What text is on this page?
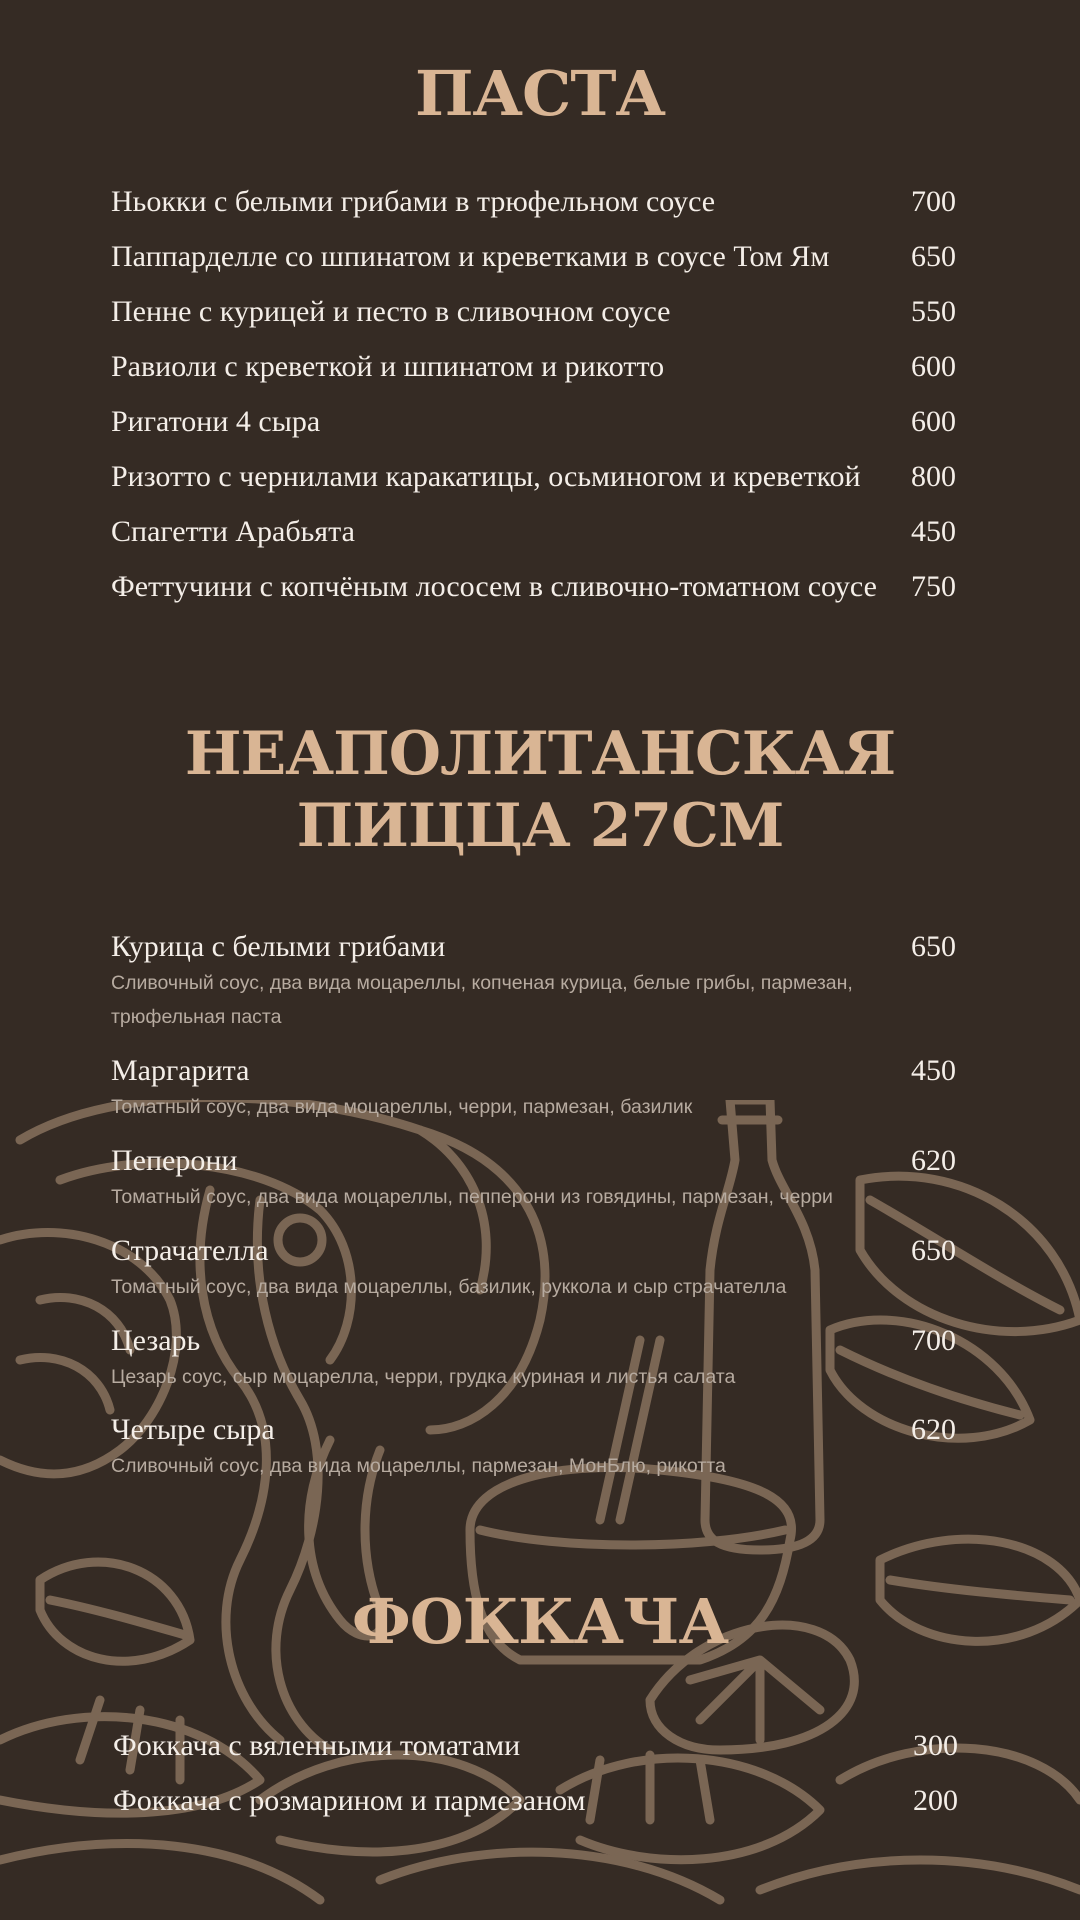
ПАСТА
Ньокки с белыми грибами в трюфельном соусе	700
Паппарделле со шпинатом и креветками в соусе Том Ям	650
Пенне с курицей и песто в сливочном соусе	550
Равиоли с креветкой и шпинатом и рикотто	600
Ригатони 4 сыра	600
Ризотто с чернилами каракатицы, осьминогом и креветкой	800
Спагетти Арабьята	450
Феттучини с копчёным лососем в сливочно-томатном соусе	750
НЕАПОЛИТАНСКАЯ
ПИЦЦА 27СМ
Курица с белыми грибами	650
Сливочный соус, два вида моцареллы, копченая курица, белые грибы, пармезан, трюфельная паста
Маргарита	450
Томатный соус, два вида моцареллы, черри, пармезан, базилик
Пеперони	620
Томатный соус, два вида моцареллы, пепперони из говядины, пармезан, черри
Страчателла	650
Томатный соус, два вида моцареллы, базилик, руккола и сыр страчателла
Цезарь	700
Цезарь соус, сыр моцарелла, черри, грудка куриная и листья салата
Четыре сыра	620
Сливочный соус, два вида моцареллы, пармезан, МонБлю, рикотта
ФОККАЧА
Фоккача с вяленными томатами	300
Фоккача с розмарином и пармезаном	200
